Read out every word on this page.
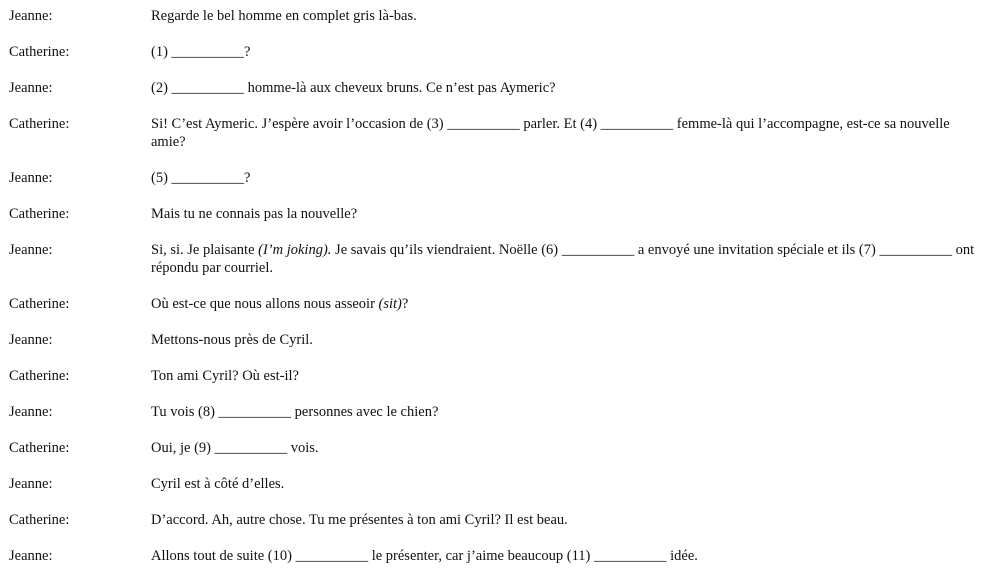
Jeanne:	Regarde le bel homme en complet gris là-bas.
Catherine:	(1) __________?
Jeanne:	(2) __________ homme-là aux cheveux bruns. Ce n’est pas Aymeric?
Catherine:	Si! C’est Aymeric. J’espère avoir l’occasion de (3) __________ parler. Et (4) __________ femme-là qui l’accompagne, est-ce sa nouvelle amie?
Jeanne:	(5) __________?
Catherine:	Mais tu ne connais pas la nouvelle?
Jeanne:	Si, si. Je plaisante (I’m joking). Je savais qu’ils viendraient. Noëlle (6) __________ a envoyé une invitation spéciale et ils (7) __________ ont répondu par courriel.
Catherine:	Où est-ce que nous allons nous asseoir (sit)?
Jeanne:	Mettons-nous près de Cyril.
Catherine:	Ton ami Cyril? Où est-il?
Jeanne:	Tu vois (8) __________ personnes avec le chien?
Catherine:	Oui, je (9) __________ vois.
Jeanne:	Cyril est à côté d’elles.
Catherine:	D’accord. Ah, autre chose. Tu me présentes à ton ami Cyril? Il est beau.
Jeanne:	Allons tout de suite (10) __________ le présenter, car j’aime beaucoup (11) __________ idée.
